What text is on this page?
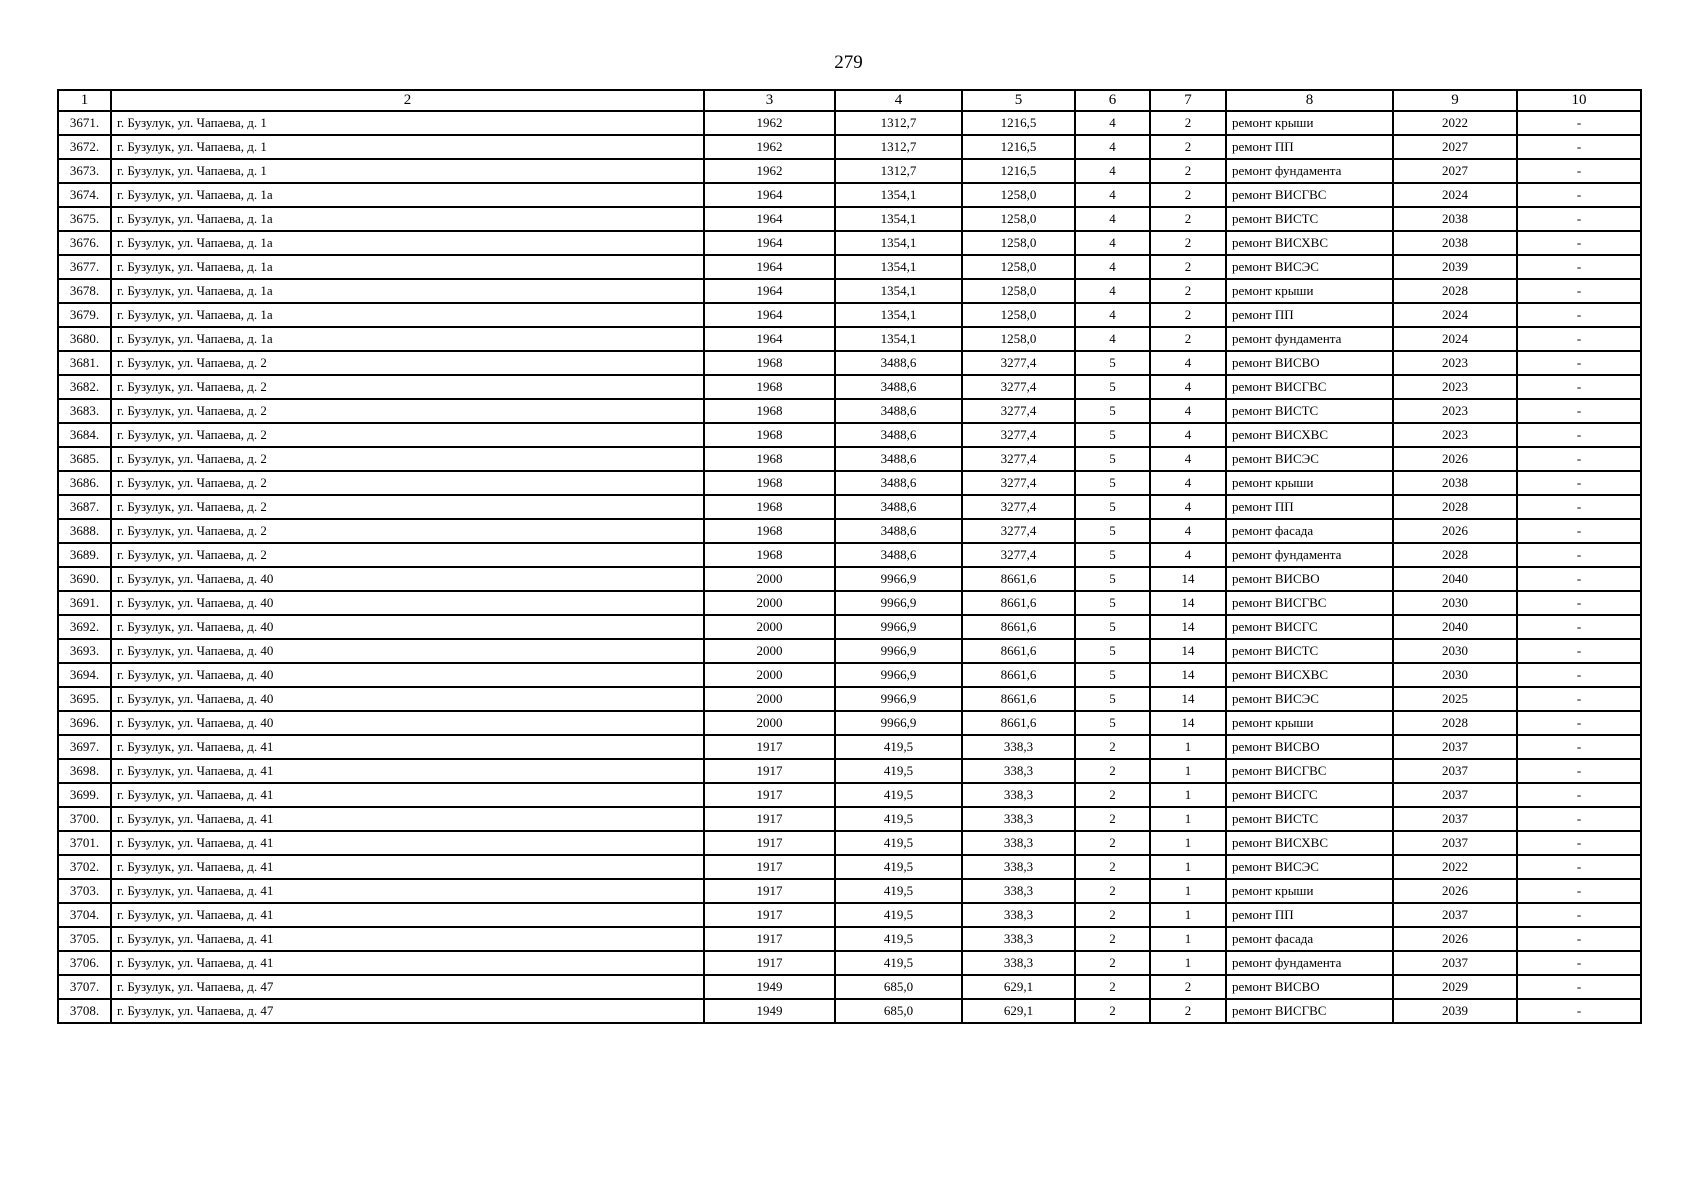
279
1	2	3	4	5	6	7	8	9	10
3671.	г. Бузулук, ул. Чапаева, д. 1	1962	1312,7	1216,5	4	2	ремонт крыши	2022	-
3672.	г. Бузулук, ул. Чапаева, д. 1	1962	1312,7	1216,5	4	2	ремонт ПП	2027	-
3673.	г. Бузулук, ул. Чапаева, д. 1	1962	1312,7	1216,5	4	2	ремонт фундамента	2027	-
3674.	г. Бузулук, ул. Чапаева, д. 1а	1964	1354,1	1258,0	4	2	ремонт ВИСГВС	2024	-
3675.	г. Бузулук, ул. Чапаева, д. 1а	1964	1354,1	1258,0	4	2	ремонт ВИСТС	2038	-
3676.	г. Бузулук, ул. Чапаева, д. 1а	1964	1354,1	1258,0	4	2	ремонт ВИСХВС	2038	-
3677.	г. Бузулук, ул. Чапаева, д. 1а	1964	1354,1	1258,0	4	2	ремонт ВИСЭС	2039	-
3678.	г. Бузулук, ул. Чапаева, д. 1а	1964	1354,1	1258,0	4	2	ремонт крыши	2028	-
3679.	г. Бузулук, ул. Чапаева, д. 1а	1964	1354,1	1258,0	4	2	ремонт ПП	2024	-
3680.	г. Бузулук, ул. Чапаева, д. 1а	1964	1354,1	1258,0	4	2	ремонт фундамента	2024	-
3681.	г. Бузулук, ул. Чапаева, д. 2	1968	3488,6	3277,4	5	4	ремонт ВИСВО	2023	-
3682.	г. Бузулук, ул. Чапаева, д. 2	1968	3488,6	3277,4	5	4	ремонт ВИСГВС	2023	-
3683.	г. Бузулук, ул. Чапаева, д. 2	1968	3488,6	3277,4	5	4	ремонт ВИСТС	2023	-
3684.	г. Бузулук, ул. Чапаева, д. 2	1968	3488,6	3277,4	5	4	ремонт ВИСХВС	2023	-
3685.	г. Бузулук, ул. Чапаева, д. 2	1968	3488,6	3277,4	5	4	ремонт ВИСЭС	2026	-
3686.	г. Бузулук, ул. Чапаева, д. 2	1968	3488,6	3277,4	5	4	ремонт крыши	2038	-
3687.	г. Бузулук, ул. Чапаева, д. 2	1968	3488,6	3277,4	5	4	ремонт ПП	2028	-
3688.	г. Бузулук, ул. Чапаева, д. 2	1968	3488,6	3277,4	5	4	ремонт фасада	2026	-
3689.	г. Бузулук, ул. Чапаева, д. 2	1968	3488,6	3277,4	5	4	ремонт фундамента	2028	-
3690.	г. Бузулук, ул. Чапаева, д. 40	2000	9966,9	8661,6	5	14	ремонт ВИСВО	2040	-
3691.	г. Бузулук, ул. Чапаева, д. 40	2000	9966,9	8661,6	5	14	ремонт ВИСГВС	2030	-
3692.	г. Бузулук, ул. Чапаева, д. 40	2000	9966,9	8661,6	5	14	ремонт ВИСГС	2040	-
3693.	г. Бузулук, ул. Чапаева, д. 40	2000	9966,9	8661,6	5	14	ремонт ВИСТС	2030	-
3694.	г. Бузулук, ул. Чапаева, д. 40	2000	9966,9	8661,6	5	14	ремонт ВИСХВС	2030	-
3695.	г. Бузулук, ул. Чапаева, д. 40	2000	9966,9	8661,6	5	14	ремонт ВИСЭС	2025	-
3696.	г. Бузулук, ул. Чапаева, д. 40	2000	9966,9	8661,6	5	14	ремонт крыши	2028	-
3697.	г. Бузулук, ул. Чапаева, д. 41	1917	419,5	338,3	2	1	ремонт ВИСВО	2037	-
3698.	г. Бузулук, ул. Чапаева, д. 41	1917	419,5	338,3	2	1	ремонт ВИСГВС	2037	-
3699.	г. Бузулук, ул. Чапаева, д. 41	1917	419,5	338,3	2	1	ремонт ВИСГС	2037	-
3700.	г. Бузулук, ул. Чапаева, д. 41	1917	419,5	338,3	2	1	ремонт ВИСТС	2037	-
3701.	г. Бузулук, ул. Чапаева, д. 41	1917	419,5	338,3	2	1	ремонт ВИСХВС	2037	-
3702.	г. Бузулук, ул. Чапаева, д. 41	1917	419,5	338,3	2	1	ремонт ВИСЭС	2022	-
3703.	г. Бузулук, ул. Чапаева, д. 41	1917	419,5	338,3	2	1	ремонт крыши	2026	-
3704.	г. Бузулук, ул. Чапаева, д. 41	1917	419,5	338,3	2	1	ремонт ПП	2037	-
3705.	г. Бузулук, ул. Чапаева, д. 41	1917	419,5	338,3	2	1	ремонт фасада	2026	-
3706.	г. Бузулук, ул. Чапаева, д. 41	1917	419,5	338,3	2	1	ремонт фундамента	2037	-
3707.	г. Бузулук, ул. Чапаева, д. 47	1949	685,0	629,1	2	2	ремонт ВИСВО	2029	-
3708.	г. Бузулук, ул. Чапаева, д. 47	1949	685,0	629,1	2	2	ремонт ВИСГВС	2039	-
